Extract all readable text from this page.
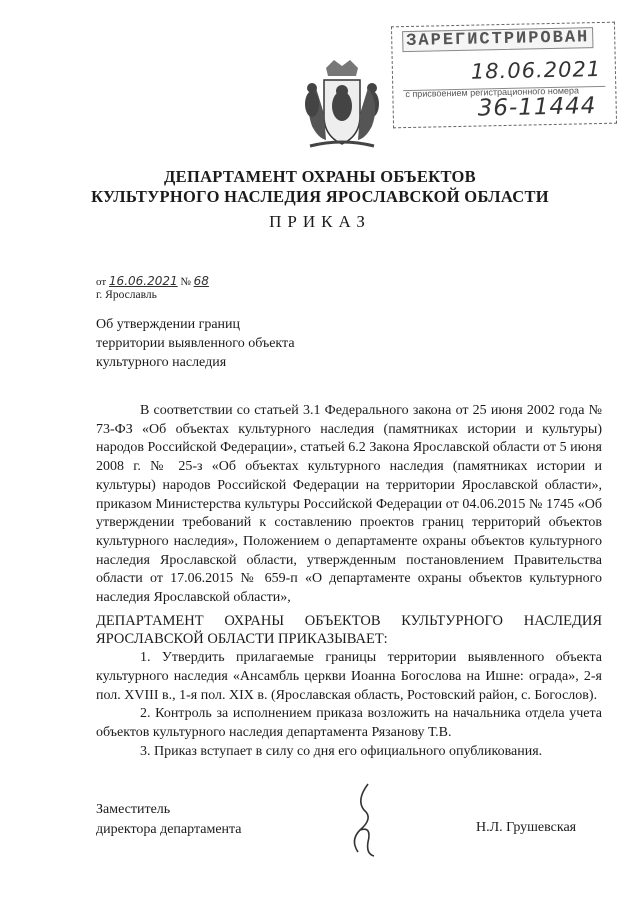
ЗАРЕГИСТРИРОВАН
18.06.2021
с присвоением регистрационного номера
36-11444
ДЕПАРТАМЕНТ ОХРАНЫ ОБЪЕКТОВ
КУЛЬТУРНОГО НАСЛЕДИЯ ЯРОСЛАВСКОЙ ОБЛАСТИ
ПРИКАЗ
от 16.06.2021 № 68
г. Ярославль
Об утверждении границ
территории выявленного объекта
культурного наследия

В соответствии со статьей 3.1 Федерального закона от 25 июня 2002 года № 73-ФЗ «Об объектах культурного наследия (памятниках истории и культуры) народов Российской Федерации», статьей 6.2 Закона Ярославской области от 5 июня 2008 г. № 25-з «Об объектах культурного наследия (памятниках истории и культуры) народов Российской Федерации на территории Ярославской области», приказом Министерства культуры Российской Федерации от 04.06.2015 № 1745 «Об утверждении требований к составлению проектов границ территорий объектов культурного наследия», Положением о департаменте охраны объектов культурного наследия Ярославской области, утвержденным постановлением Правительства области от 17.06.2015 № 659-п «О департаменте охраны объектов культурного наследия Ярославской области»,

ДЕПАРТАМЕНТ ОХРАНЫ ОБЪЕКТОВ КУЛЬТУРНОГО НАСЛЕДИЯ ЯРОСЛАВСКОЙ ОБЛАСТИ ПРИКАЗЫВАЕТ:

1. Утвердить прилагаемые границы территории выявленного объекта культурного наследия «Ансамбль церкви Иоанна Богослова на Ишне: ограда», 2-я пол. XVIII в., 1-я пол. XIX в. (Ярославская область, Ростовский район, с. Богослов).

2. Контроль за исполнением приказа возложить на начальника отдела учета объектов культурного наследия департамента Рязанову Т.В.

3. Приказ вступает в силу со дня его официального опубликования.

Заместитель
директора департамента	Н.Л. Грушевская
